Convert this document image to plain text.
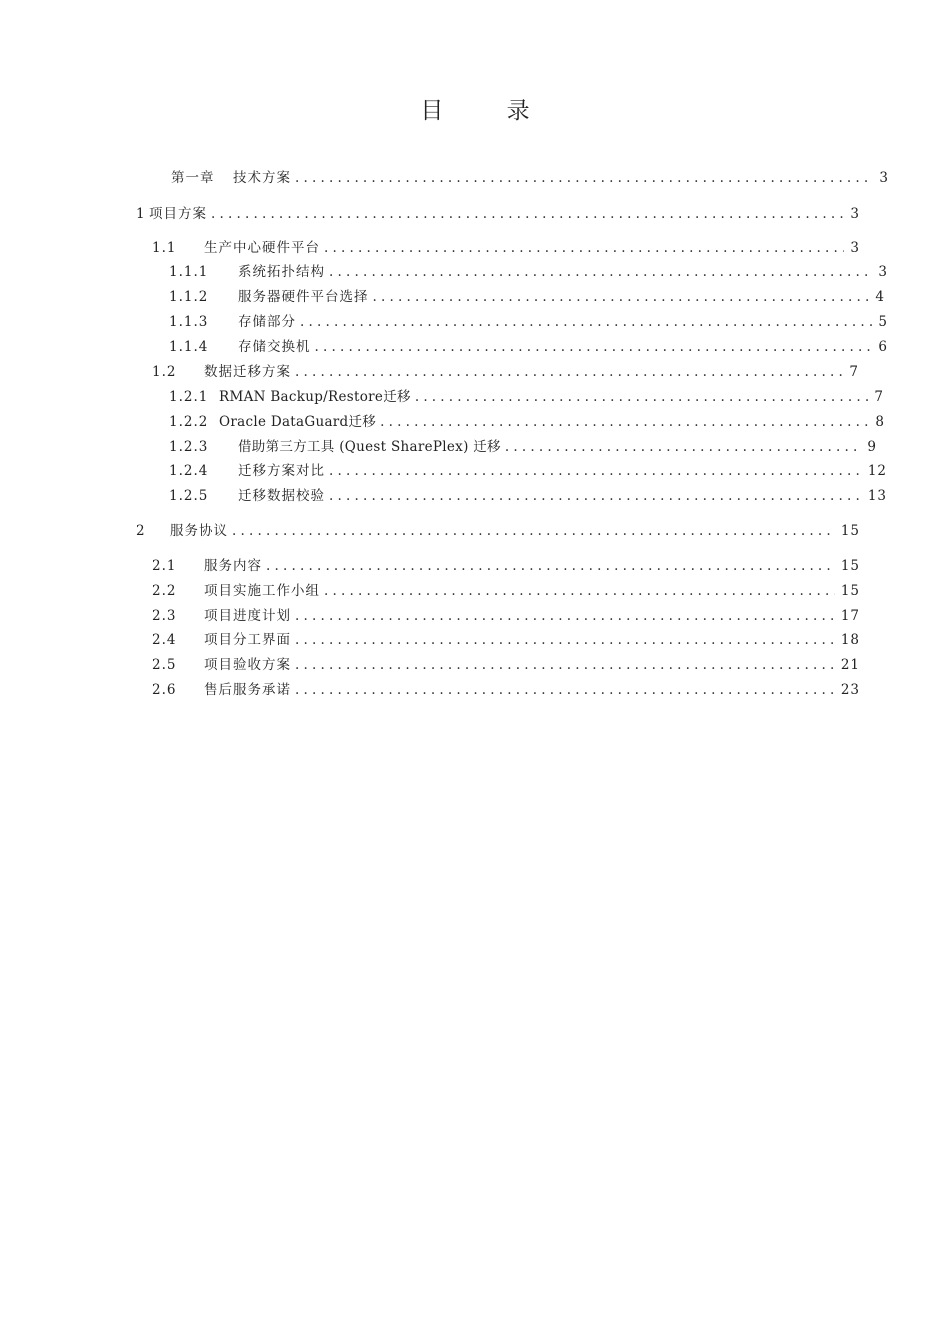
目 录
第一章	技术方案 .....	3
1 项目方案 .....	3
1.1	生产中心硬件平台 .....	3
1.1.1	系统拓扑结构 .....	3
1.1.2	服务器硬件平台选择 .....	4
1.1.3	存储部分 .....	5
1.1.4	存储交换机 .....	6
1.2	数据迁移方案 .....	7
1.2.1 RMAN Backup/Restore迁移 .....	7
1.2.2 Oracle DataGuard迁移 .....	8
1.2.3	借助第三方工具 (Quest SharePlex) 迁移 .....	9
1.2.4	迁移方案对比 .....	12
1.2.5	迁移数据校验 .....	13
2	服务协议 .....	15
2.1	服务内容 .....	15
2.2	项目实施工作小组 .....	15
2.3	项目进度计划 .....	17
2.4	项目分工界面 .....	18
2.5	项目验收方案 .....	21
2.6	售后服务承诺 .....	23
